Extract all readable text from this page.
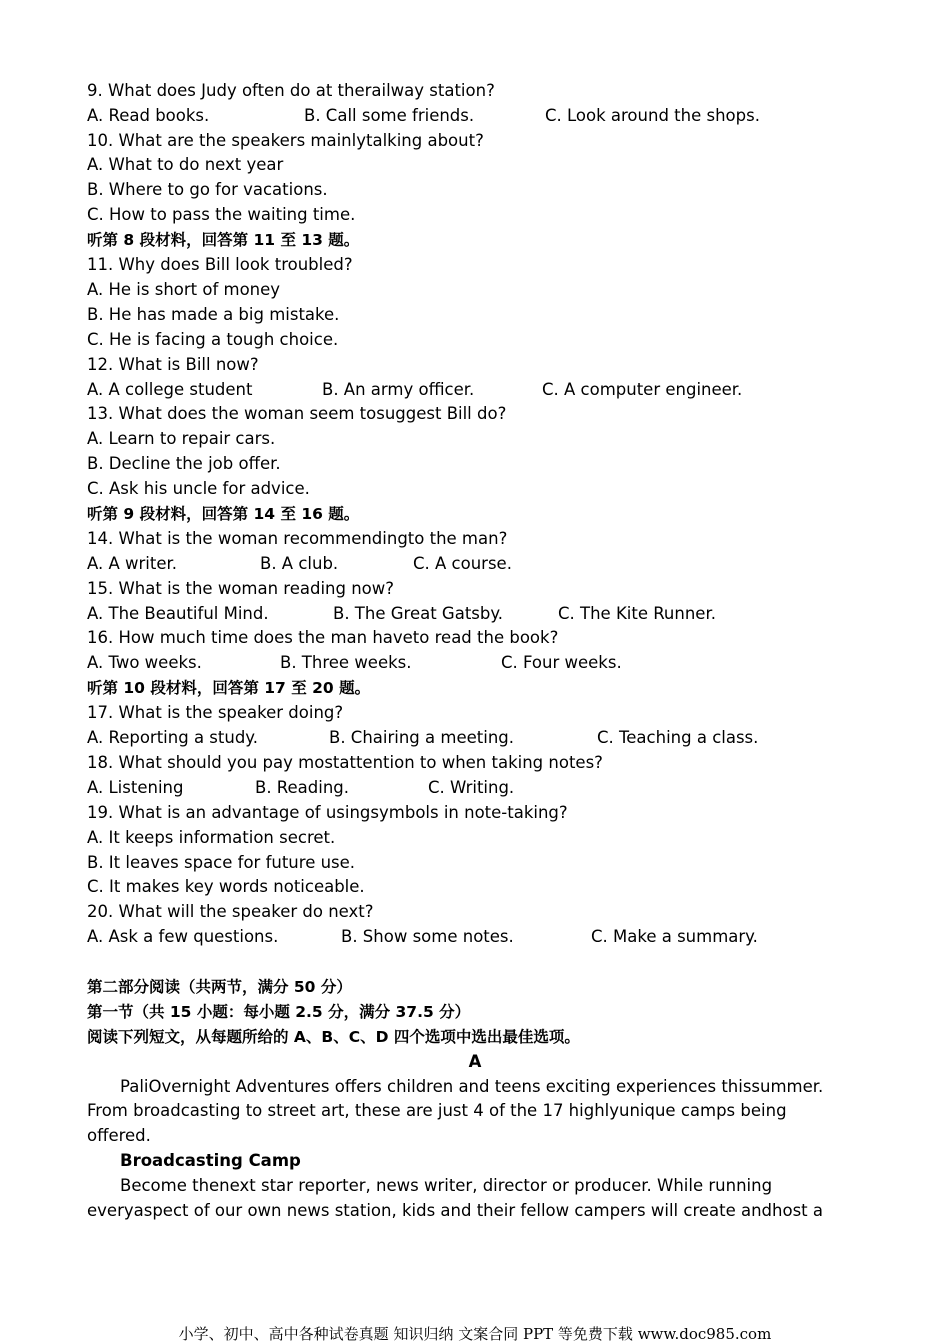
9. What does Judy often do at therailway station?
A. Read books.	B. Call some friends.	C. Look around the shops.
10. What are the speakers mainlytalking about?
A. What to do next year
B. Where to go for vacations.
C. How to pass the waiting time.
听第 8 段材料，回答第 11 至 13 题。
11. Why does Bill look troubled?
A. He is short of money
B. He has made a big mistake.
C. He is facing a tough choice.
12. What is Bill now?
A. A college student	B. An army officer.	C. A computer engineer.
13. What does the woman seem tosuggest Bill do?
A. Learn to repair cars.
B. Decline the job offer.
C. Ask his uncle for advice.
听第 9 段材料，回答第 14 至 16 题。
14. What is the woman recommendingto the man?
A. A writer.	B. A club.	C. A course.
15. What is the woman reading now?
A. The Beautiful Mind.	B. The Great Gatsby.	C. The Kite Runner.
16. How much time does the man haveto read the book?
A. Two weeks.	B. Three weeks.	C. Four weeks.
听第 10 段材料，回答第 17 至 20 题。
17. What is the speaker doing?
A. Reporting a study.	B. Chairing a meeting.	C. Teaching a class.
18. What should you pay mostattention to when taking notes?
A. Listening	B. Reading.	C. Writing.
19. What is an advantage of usingsymbols in note-taking?
A. It keeps information secret.
B. It leaves space for future use.
C. It makes key words noticeable.
20. What will the speaker do next?
A. Ask a few questions.	B. Show some notes.	C. Make a summary.
第二部分阅读（共两节，满分 50 分）
第一节（共 15 小题：每小题 2.5 分，满分 37.5 分）
阅读下列短文，从每题所给的 A、B、C、D 四个选项中选出最佳选项。
A
PaliOvernight Adventures offers children and teens exciting experiences thissummer.
From broadcasting to street art, these are just 4 of the 17 highlyunique camps being
offered.
Broadcasting Camp
Become thenext star reporter, news writer, director or producer. While running
everyaspect of our own news station, kids and their fellow campers will create andhost a
小学、初中、高中各种试卷真题 知识归纳 文案合同 PPT 等免费下载 www.doc985.com
